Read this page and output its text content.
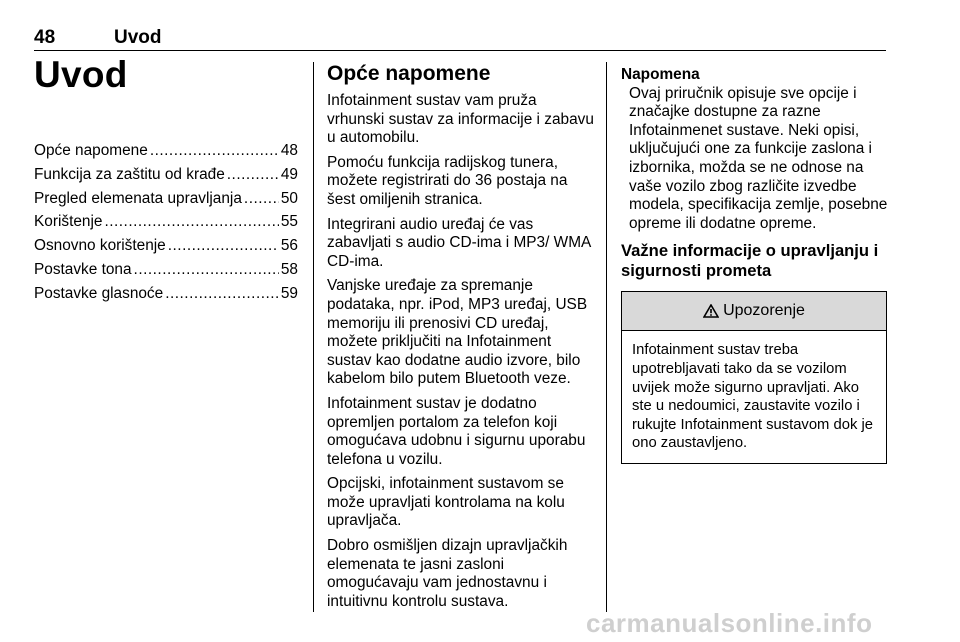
48	Uvod
Uvod
Opće napomene .....	48
Funkcija za zaštitu od krađe .....	49
Pregled elemenata upravljanja .....	50
Korištenje .....	55
Osnovno korištenje .....	56
Postavke tona .....	58
Postavke glasnoće .....	59
Opće napomene
Infotainment sustav vam pruža vrhunski sustav za informacije i zabavu u automobilu.
Pomoću funkcija radijskog tunera, možete registrirati do 36 postaja na šest omiljenih stranica.
Integrirani audio uređaj će vas zabavljati s audio CD-ima i MP3/ WMA CD-ima.
Vanjske uređaje za spremanje podataka, npr. iPod, MP3 uređaj, USB memoriju ili prenosivi CD uređaj, možete priključiti na Infotainment sustav kao dodatne audio izvore, bilo kabelom bilo putem Bluetooth veze.
Infotainment sustav je dodatno opremljen portalom za telefon koji omogućava udobnu i sigurnu uporabu telefona u vozilu.
Opcijski, infotainment sustavom se može upravljati kontrolama na kolu upravljača.
Dobro osmišljen dizajn upravljačkih elemenata te jasni zasloni omogućavaju vam jednostavnu i intuitivnu kontrolu sustava.
Napomena
Ovaj priručnik opisuje sve opcije i značajke dostupne za razne Infotainmenet sustave. Neki opisi, uključujući one za funkcije zaslona i izbornika, možda se ne odnose na vaše vozilo zbog različite izvedbe modela, specifikacija zemlje, posebne opreme ili dodatne opreme.
Važne informacije o upravljanju i sigurnosti prometa
Upozorenje
Infotainment sustav treba upotrebljavati tako da se vozilom uvijek može sigurno upravljati. Ako ste u nedoumici, zaustavite vozilo i rukujte Infotainment sustavom dok je ono zaustavljeno.
carmanualsonline.info
